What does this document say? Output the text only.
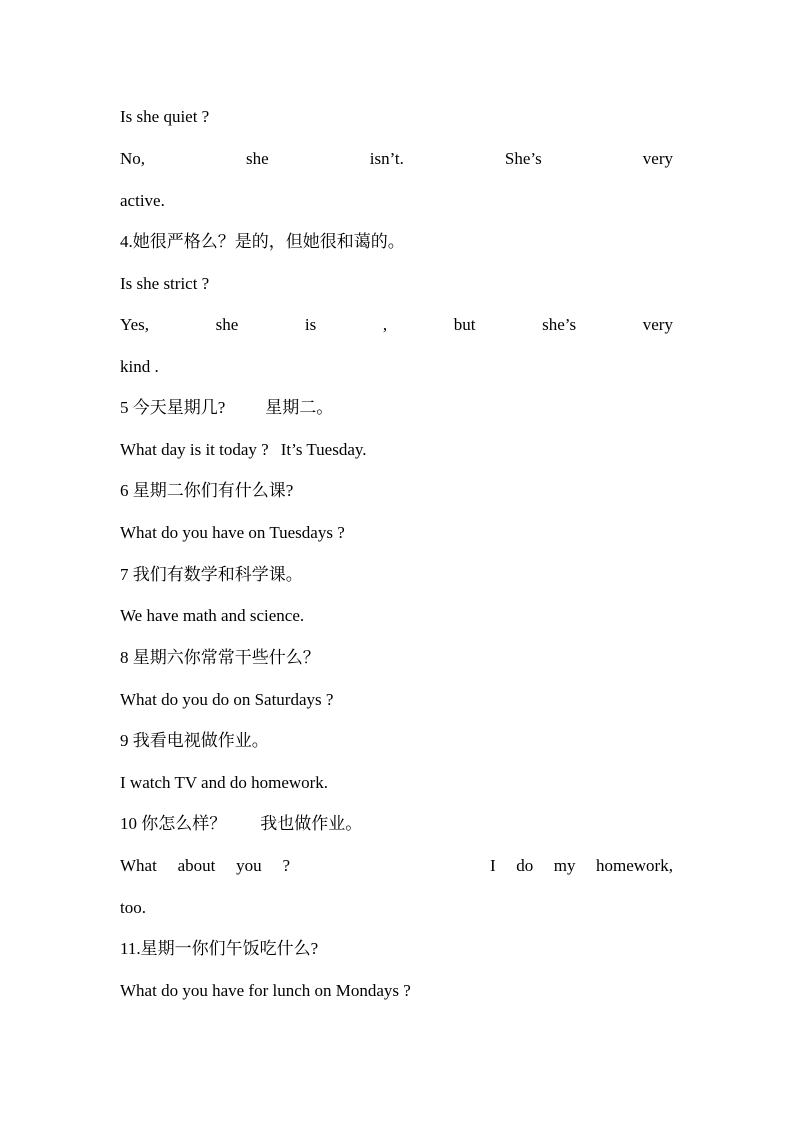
Is she quiet ?
No,	she	isn’t.	She’s	very
active.
4.她很严格么？是的，但她很和蔼的。
Is she strict ?
Yes,	she	is	,	but	she’s	very
kind .
5 今天星期几? 星期二。
What day is it today ? It’s Tuesday.
6 星期二你们有什么课?
What do you have on Tuesdays ?
7 我们有数学和科学课。
We have math and science.
8 星期六你常常干些什么？
What do you do on Saturdays ?
9 我看电视做作业。
I watch TV and do homework.
10 你怎么样？ 我也做作业。
What about you ?	I do my homework,
too.
11.星期一你们午饭吃什么?
What do you have for lunch on Mondays ?
